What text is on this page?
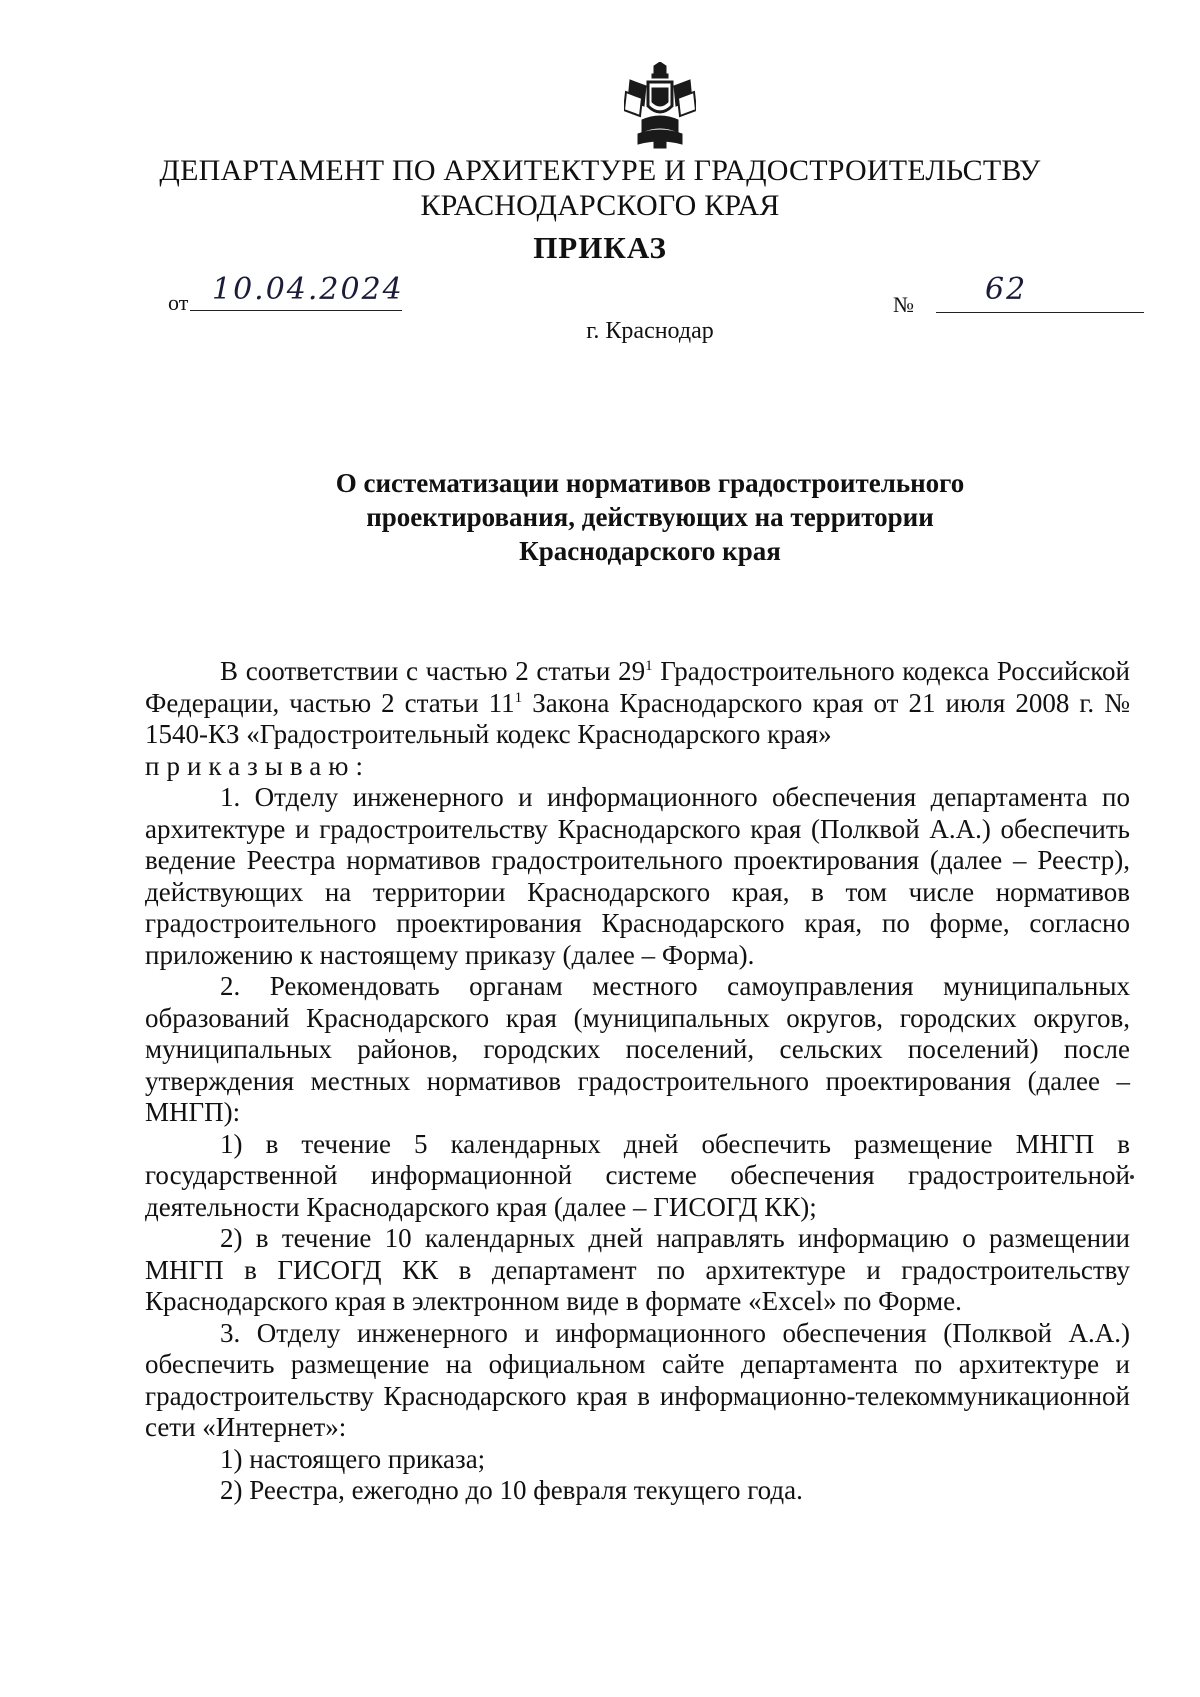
ДЕПАРТАМЕНТ ПО АРХИТЕКТУРЕ И ГРАДОСТРОИТЕЛЬСТВУ
КРАСНОДАРСКОГО КРАЯ
ПРИКАЗ
от 10.04.2024	№ 62
г. Краснодар
О систематизации нормативов градостроительного
проектирования, действующих на территории
Краснодарского края

В соответствии с частью 2 статьи $29^1$ Градостроительного кодекса Российской Федерации, частью 2 статьи $11^1$ Закона Краснодарского края от 21 июля 2008 г. № 1540-КЗ «Градостроительный кодекс Краснодарского края»

приказываю:

1. Отделу инженерного и информационного обеспечения департамента по архитектуре и градостроительству Краснодарского края (Полквой А.А.) обеспечить ведение Реестра нормативов градостроительного проектирования (далее – Реестр), действующих на территории Краснодарского края, в том числе нормативов градостроительного проектирования Краснодарского края, по форме, согласно приложению к настоящему приказу (далее – Форма).

2. Рекомендовать органам местного самоуправления муниципальных образований Краснодарского края (муниципальных округов, городских округов, муниципальных районов, городских поселений, сельских поселений) после утверждения местных нормативов градостроительного проектирования (далее – МНГП):

1) в течение 5 календарных дней обеспечить размещение МНГП в государственной информационной системе обеспечения градостроительной деятельности Краснодарского края (далее – ГИСОГД КК);

2) в течение 10 календарных дней направлять информацию о размещении МНГП в ГИСОГД КК в департамент по архитектуре и градостроительству Краснодарского края в электронном виде в формате «Excel» по Форме.

3. Отделу инженерного и информационного обеспечения (Полквой А.А.) обеспечить размещение на официальном сайте департамента по архитектуре и градостроительству Краснодарского края в информационно-телекоммуникационной сети «Интернет»:

1) настоящего приказа;

2) Реестра, ежегодно до 10 февраля текущего года.
